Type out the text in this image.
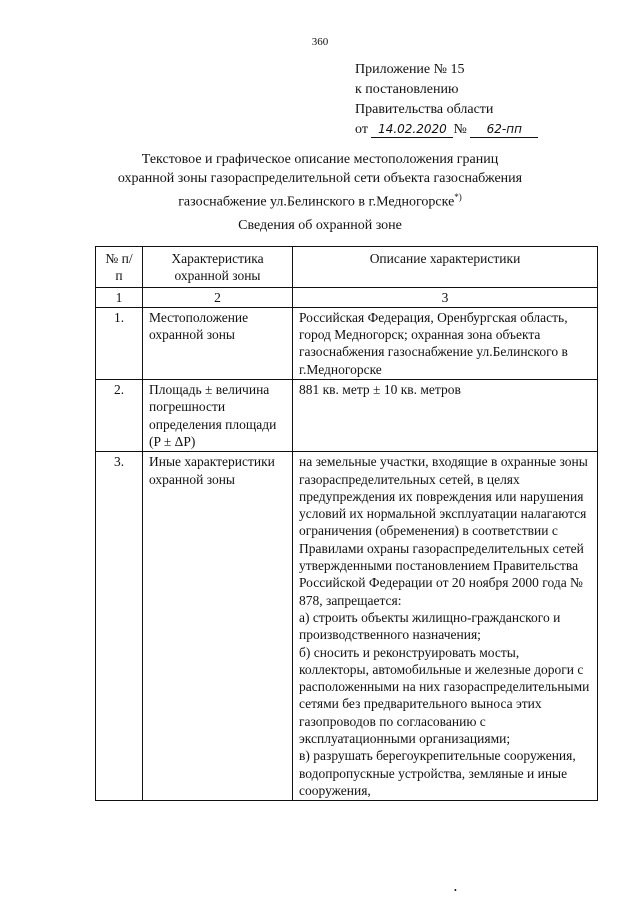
360
Приложение № 15
к постановлению
Правительства области
от 14.02.2020 № 62-пп
Текстовое и графическое описание местоположения границ
охранной зоны газораспределительной сети объекта газоснабжения
газоснабжение ул.Белинского в г.Медногорске*)
Сведения об охранной зоне
№ п/п	Характеристика охранной зоны	Описание характеристики
1	2	3
1.	Местоположение охранной зоны	Российская Федерация, Оренбургская область, город Медногорск; охранная зона объекта газоснабжения газоснабжение ул.Белинского в г.Медногорске
2.	Площадь ± величина погрешности определения площади (P ± ΔP)	881 кв. метр ± 10 кв. метров
3.	Иные характеристики охранной зоны	на земельные участки, входящие в охранные зоны газораспределительных сетей, в целях предупреждения их повреждения или нарушения условий их нормальной эксплуатации налагаются ограничения (обременения) в соответствии с Правилами охраны газораспределительных сетей утвержденными постановлением Правительства Российской Федерации от 20 ноября 2000 года № 878, запрещается:
а) строить объекты жилищно-гражданского и производственного назначения;
б) сносить и реконструировать мосты, коллекторы, автомобильные и железные дороги с расположенными на них газораспределительными сетями без предварительного выноса этих газопроводов по согласованию с эксплуатационными организациями;
в) разрушать берегоукрепительные сооружения, водопропускные устройства, земляные и иные сооружения,
•
